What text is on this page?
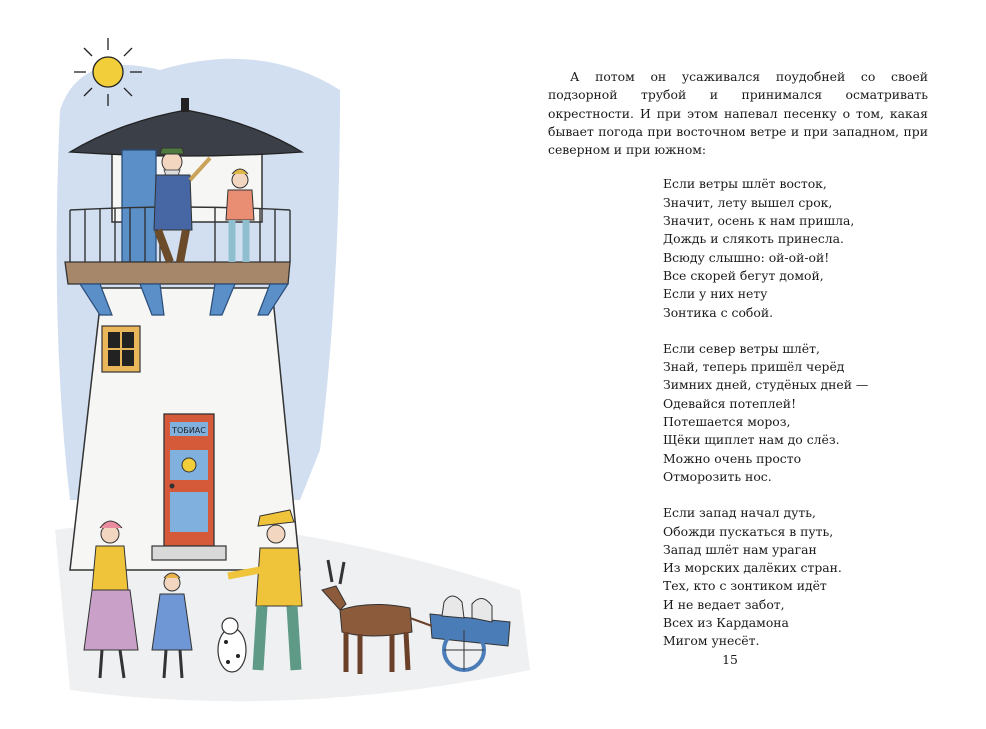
ТОБИАС

А потом он усаживался поудобней со своей подзорной трубой и принимался осматривать окрестности. И при этом напевал песенку о том, какая бывает погода при восточном ветре и при западном, при северном и при южном:

Если ветры шлёт восток,
Значит, лету вышел срок,
Значит, осень к нам пришла,
Дождь и слякоть принесла.
Всюду слышно: ой-ой-ой!
Все скорей бегут домой,
Если у них нету
Зонтика с собой.
Если север ветры шлёт,
Знай, теперь пришёл черёд
Зимних дней, студёных дней —
Одевайся потеплей!
Потешается мороз,
Щёки щиплет нам до слёз.
Можно очень просто
Отморозить нос.
Если запад начал дуть,
Обожди пускаться в путь,
Запад шлёт нам ураган
Из морских далёких стран.
Тех, кто с зонтиком идёт
И не ведает забот,
Всех из Кардамона
Мигом унесёт.
15
